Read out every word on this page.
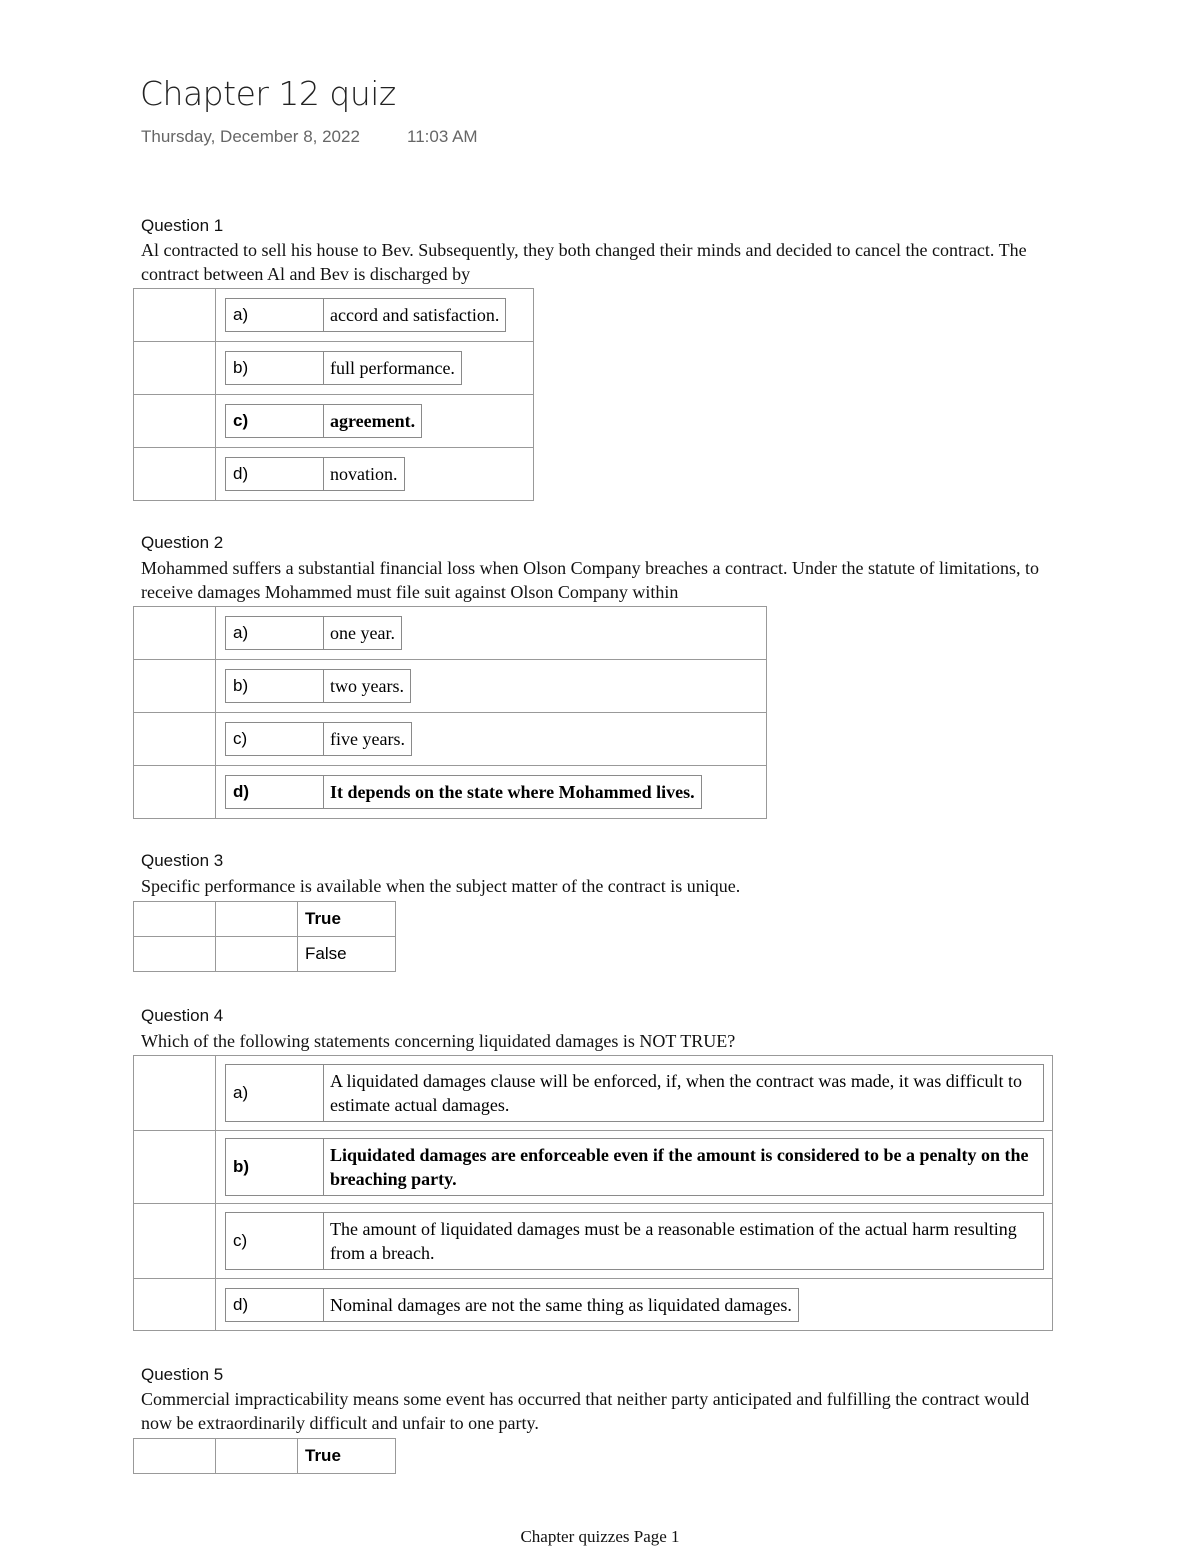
Chapter 12 quiz
Thursday, December 8, 2022	11:03 AM
Question 1
Al contracted to sell his house to Bev. Subsequently, they both changed their minds and decided to cancel the contract. The contract between Al and Bev is discharged by

a)	accord and satisfaction.

b)	full performance.

c)	agreement.

d)	novation.
Question 2
Mohammed suffers a substantial financial loss when Olson Company breaches a contract. Under the statute of limitations, to receive damages Mohammed must file suit against Olson Company within

a)	one year.

b)	two years.

c)	five years.

d)	It depends on the state where Mohammed lives.
Question 3
Specific performance is available when the subject matter of the contract is unique.
		True
		False
Question 4
Which of the following statements concerning liquidated damages is NOT TRUE?

a)	A liquidated damages clause will be enforced, if, when the contract was made, it was difficult to estimate actual damages.

b)	Liquidated damages are enforceable even if the amount is considered to be a penalty on the breaching party.

c)	The amount of liquidated damages must be a reasonable estimation of the actual harm resulting from a breach.

d)	Nominal damages are not the same thing as liquidated damages.
Question 5
Commercial impracticability means some event has occurred that neither party anticipated and fulfilling the contract would now be extraordinarily difficult and unfair to one party.
		True
Chapter quizzes Page 1
